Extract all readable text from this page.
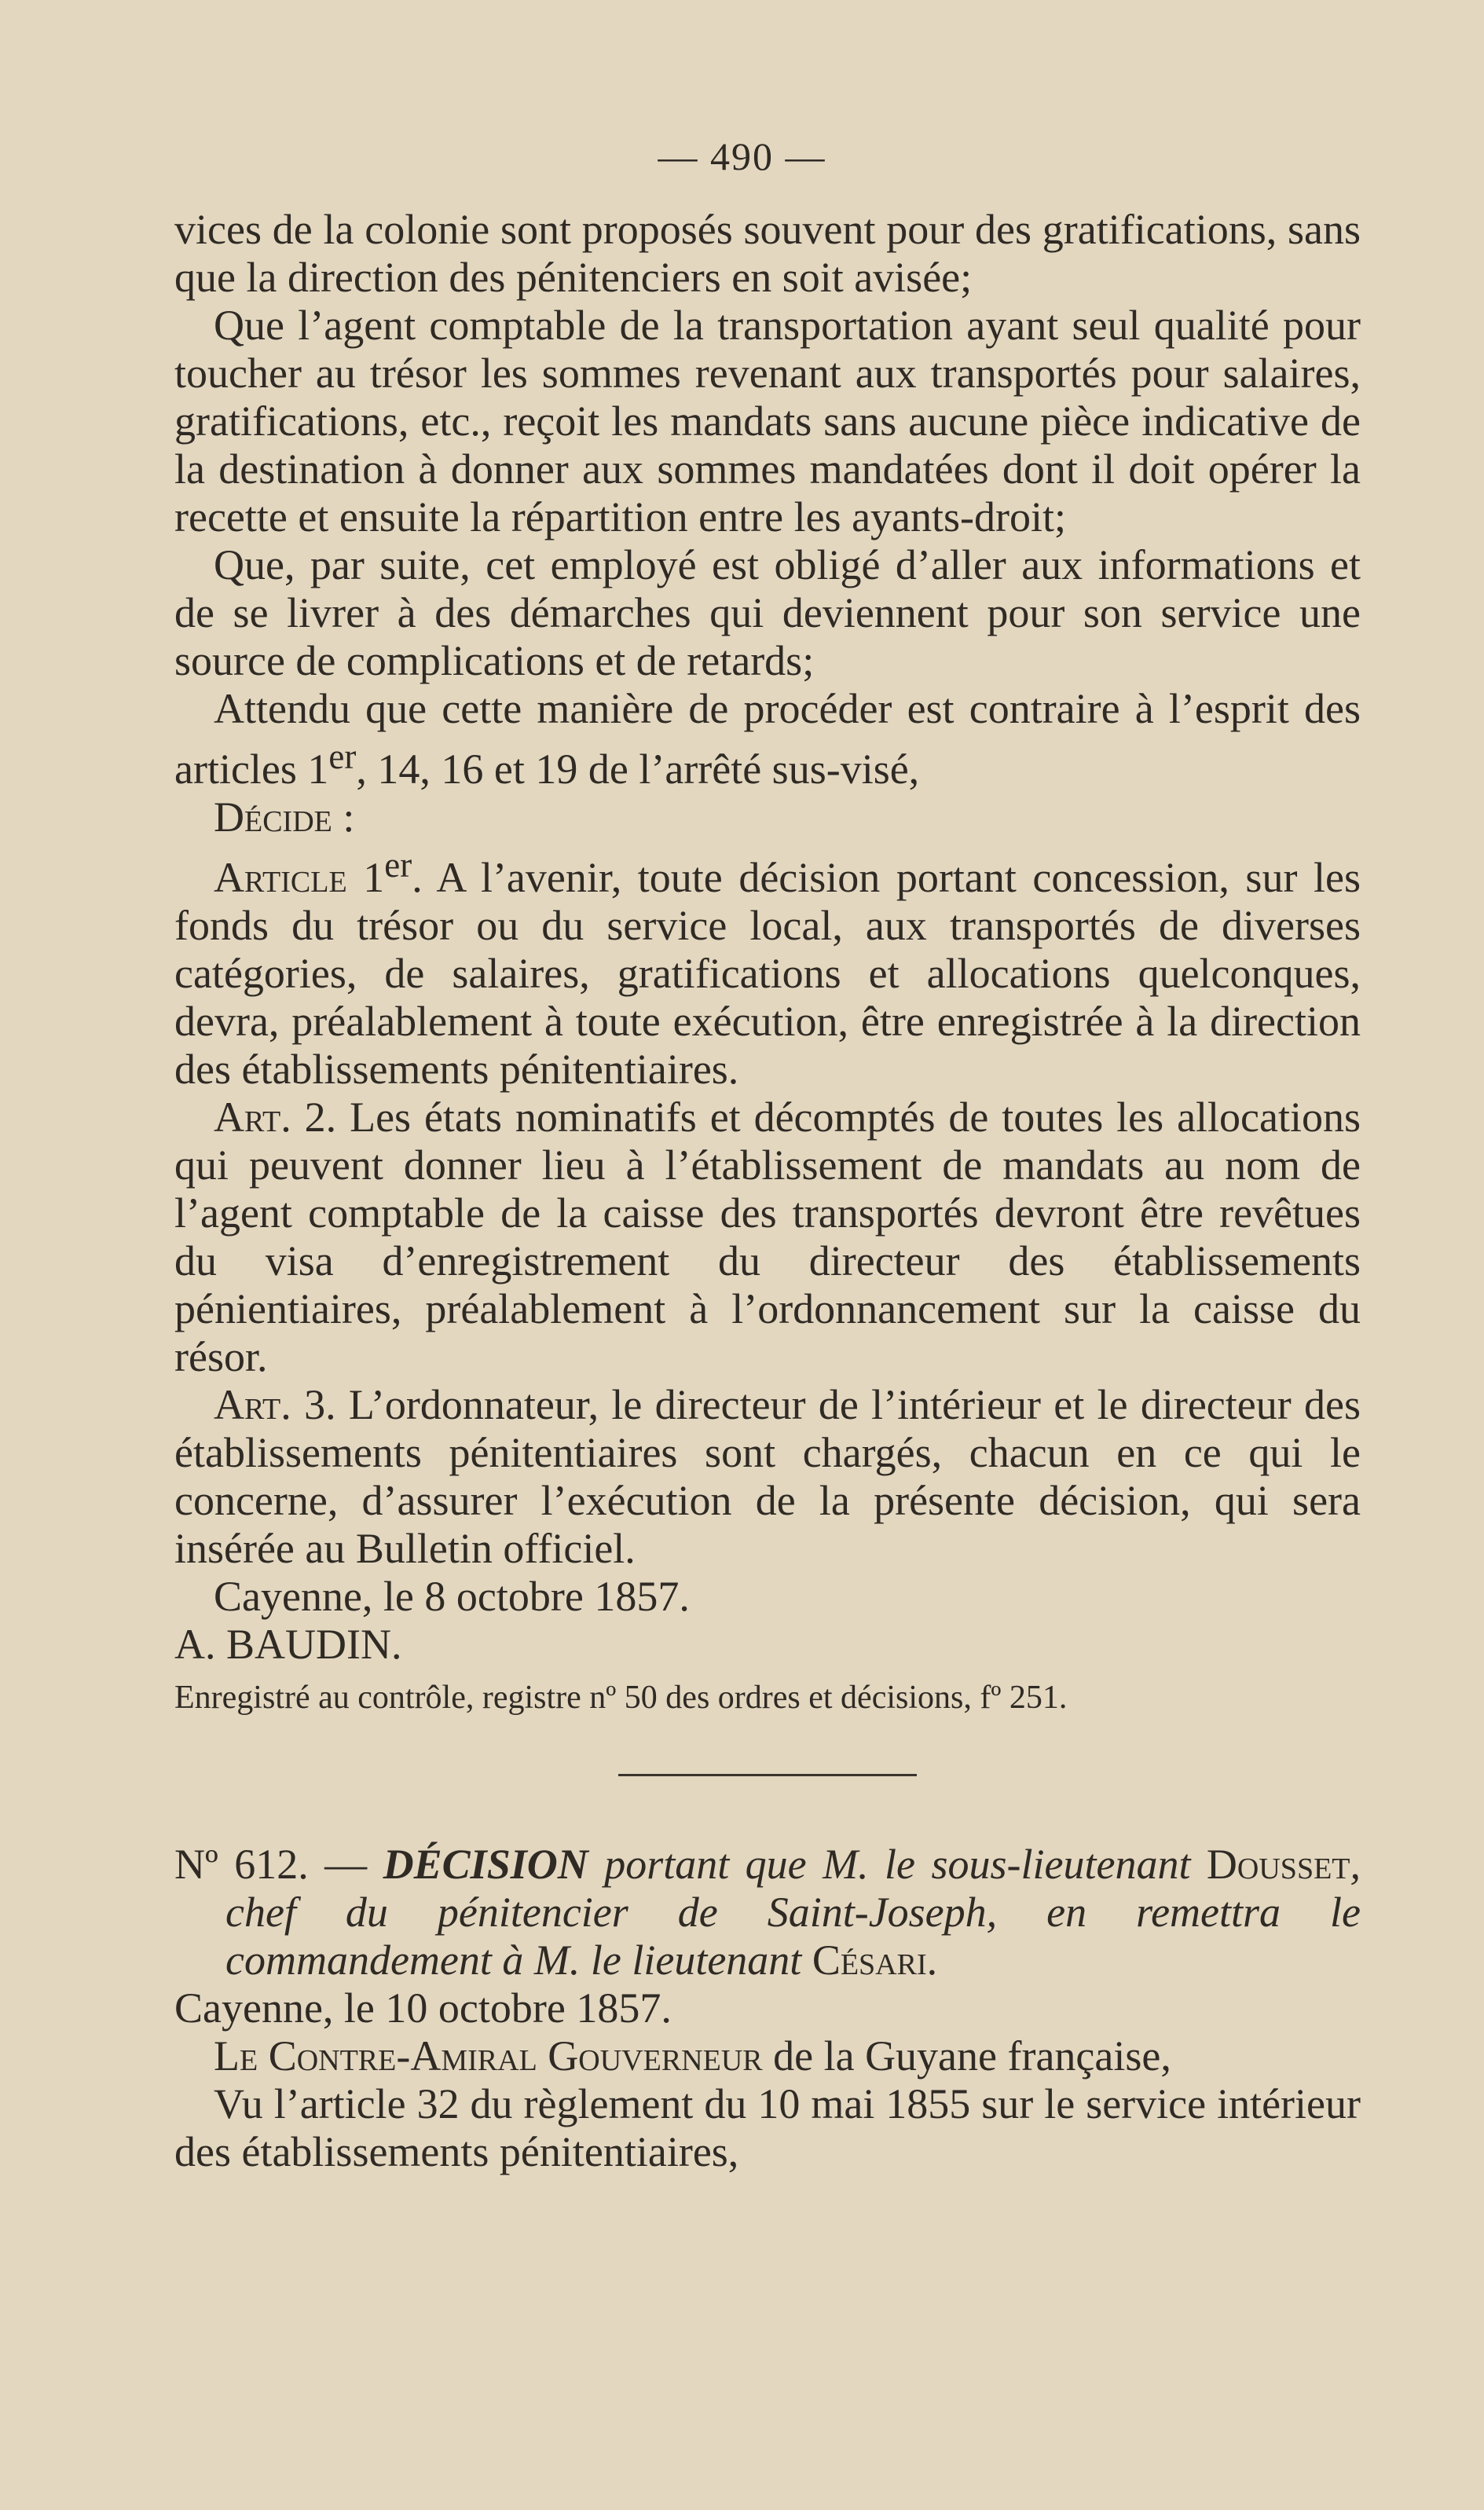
— 490 —

vices de la colonie sont proposés souvent pour des gratifications, sans que la direction des pénitenciers en soit avisée;

Que l’agent comptable de la transportation ayant seul qualité pour toucher au trésor les sommes revenant aux transportés pour salaires, gratifications, etc., reçoit les mandats sans aucune pièce indicative de la destination à donner aux sommes mandatées dont il doit opérer la recette et ensuite la répartition entre les ayants-droit;

Que, par suite, cet employé est obligé d’aller aux informations et de se livrer à des démarches qui deviennent pour son service une source de complications et de retards;

Attendu que cette manière de procéder est contraire à l’esprit des articles 1er, 14, 16 et 19 de l’arrêté sus-visé,

Décide :

Article 1er. A l’avenir, toute décision portant concession, sur les fonds du trésor ou du service local, aux transportés de diverses catégories, de salaires, gratifications et allocations quelconques, devra, préalablement à toute exécution, être enregistrée à la direction des établissements pénitentiaires.

Art. 2. Les états nominatifs et décomptés de toutes les allocations qui peuvent donner lieu à l’établissement de mandats au nom de l’agent comptable de la caisse des transportés devront être revêtues du visa d’enregistrement du directeur des établissements pénientiaires, préalablement à l’ordonnancement sur la caisse du résor.

Art. 3. L’ordonnateur, le directeur de l’intérieur et le directeur des établissements pénitentiaires sont chargés, chacun en ce qui le concerne, d’assurer l’exécution de la présente décision, qui sera insérée au Bulletin officiel.

Cayenne, le 8 octobre 1857.

A. BAUDIN.

Enregistré au contrôle, registre nº 50 des ordres et décisions, fº 251.

Nº 612. — DÉCISION portant que M. le sous-lieutenant Dousset, chef du pénitencier de Saint-Joseph, en remettra le commandement à M. le lieutenant Césari.

Cayenne, le 10 octobre 1857.

Le Contre-Amiral Gouverneur de la Guyane française,

Vu l’article 32 du règlement du 10 mai 1855 sur le service intérieur des établissements pénitentiaires,
